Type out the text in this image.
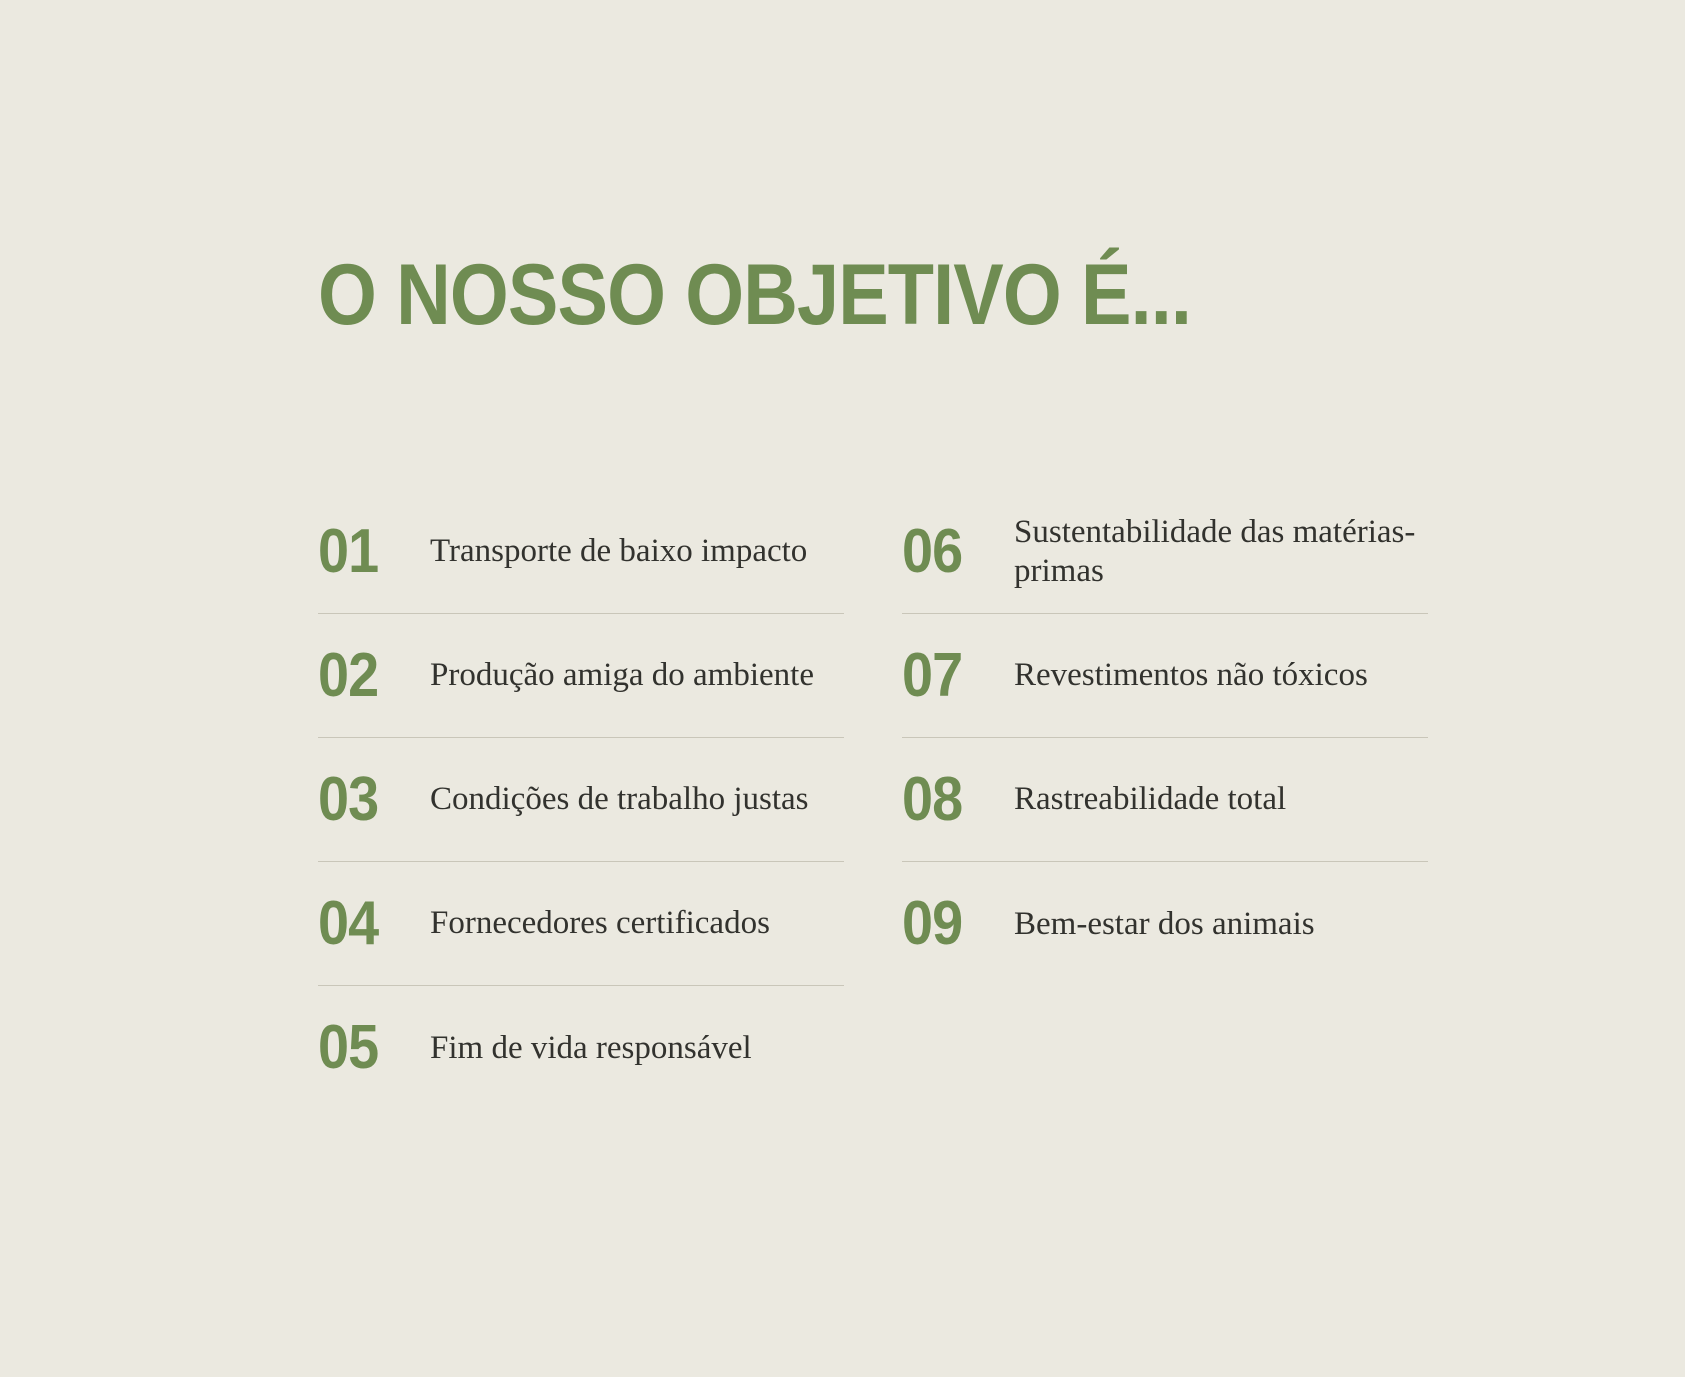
O NOSSO OBJETIVO É...
01	Transporte de baixo impacto
02	Produção amiga do ambiente
03	Condições de trabalho justas
04	Fornecedores certificados
05	Fim de vida responsável
06	Sustentabilidade das matérias-primas
07	Revestimentos não tóxicos
08	Rastreabilidade total
09	Bem-estar dos animais
